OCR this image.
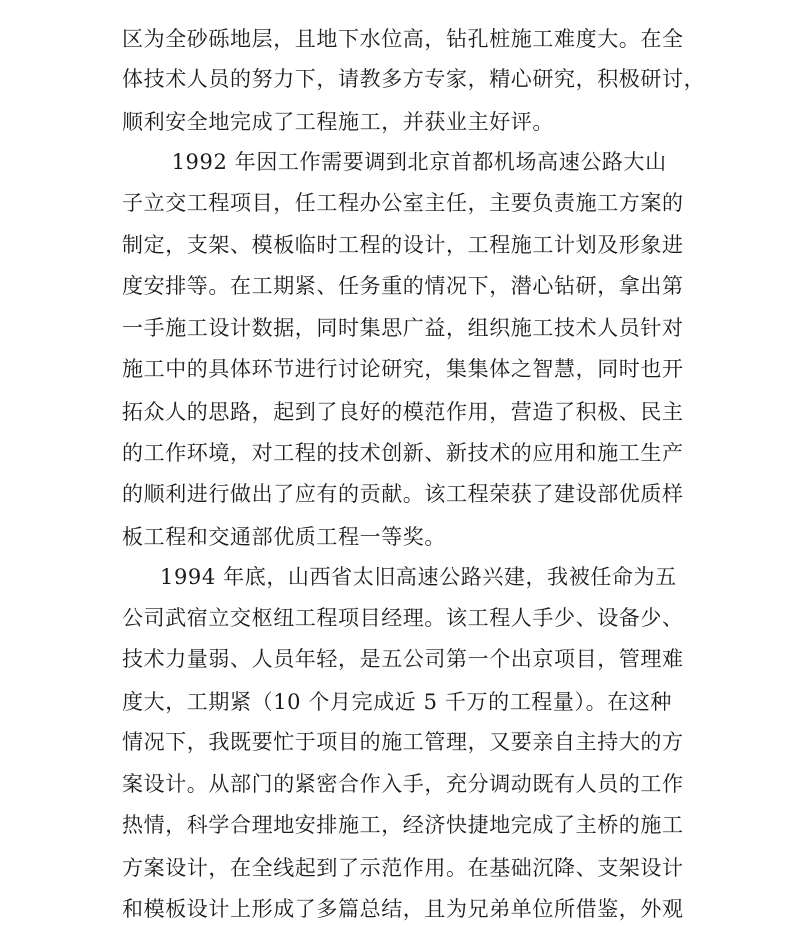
区为全砂砾地层，且地下水位高，钻孔桩施工难度大。在全
体技术人员的努力下，请教多方专家，精心研究，积极研讨，
顺利安全地完成了工程施工，并获业主好评。
　1992 年因工作需要调到北京首都机场高速公路大山
子立交工程项目，任工程办公室主任，主要负责施工方案的
制定，支架、模板临时工程的设计，工程施工计划及形象进
度安排等。在工期紧、任务重的情况下，潜心钻研，拿出第
一手施工设计数据，同时集思广益，组织施工技术人员针对
施工中的具体环节进行讨论研究，集集体之智慧，同时也开
拓众人的思路，起到了良好的模范作用，营造了积极、民主
的工作环境，对工程的技术创新、新技术的应用和施工生产
的顺利进行做出了应有的贡献。该工程荣获了建设部优质样
板工程和交通部优质工程一等奖。
1994 年底，山西省太旧高速公路兴建，我被任命为五
公司武宿立交枢纽工程项目经理。该工程人手少、设备少、
技术力量弱、人员年轻，是五公司第一个出京项目，管理难
度大，工期紧（10 个月完成近 5 千万的工程量）。在这种
情况下，我既要忙于项目的施工管理，又要亲自主持大的方
案设计。从部门的紧密合作入手，充分调动既有人员的工作
热情，科学合理地安排施工，经济快捷地完成了主桥的施工
方案设计，在全线起到了示范作用。在基础沉降、支架设计
和模板设计上形成了多篇总结，且为兄弟单位所借鉴，外观
